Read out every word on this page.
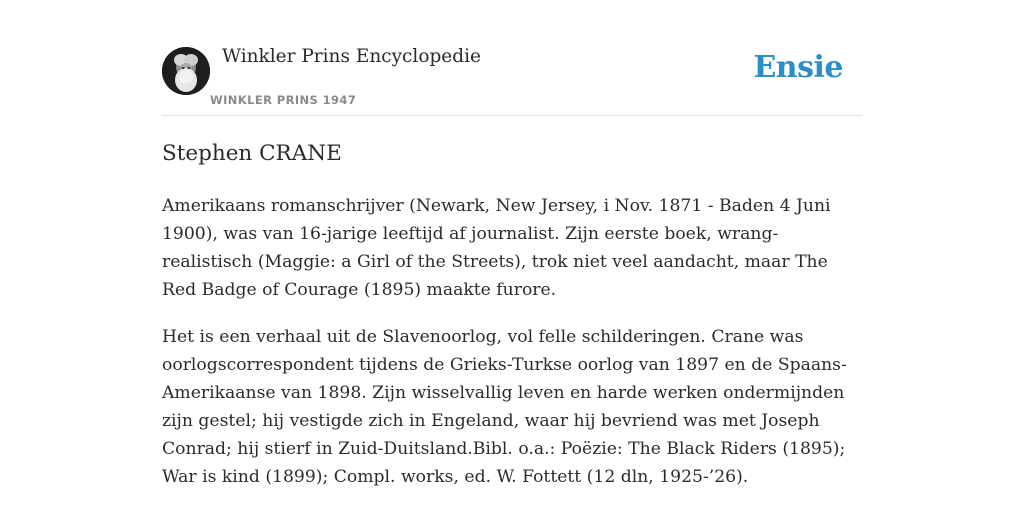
Winkler Prins Encyclopedie
WINKLER PRINS 1947
Ensie
Stephen CRANE

Amerikaans romanschrijver (Newark, New Jersey, i Nov. 1871 - Baden 4 Juni 1900), was van 16-jarige leeftijd af journalist. Zijn eerste boek, wrang-realistisch (Maggie: a Girl of the Streets), trok niet veel aandacht, maar The Red Badge of Courage (1895) maakte furore.

Het is een verhaal uit de Slavenoorlog, vol felle schilderingen. Crane was oorlogscorrespondent tijdens de Grieks-Turkse oorlog van 1897 en de Spaans-Amerikaanse van 1898. Zijn wisselvallig leven en harde werken ondermijnden zijn gestel; hij vestigde zich in Engeland, waar hij bevriend was met Joseph Conrad; hij stierf in Zuid-Duitsland.Bibl. o.a.: Poëzie: The Black Riders (1895); War is kind (1899); Compl. works, ed. W. Fottett (12 dln, 1925-’26).
